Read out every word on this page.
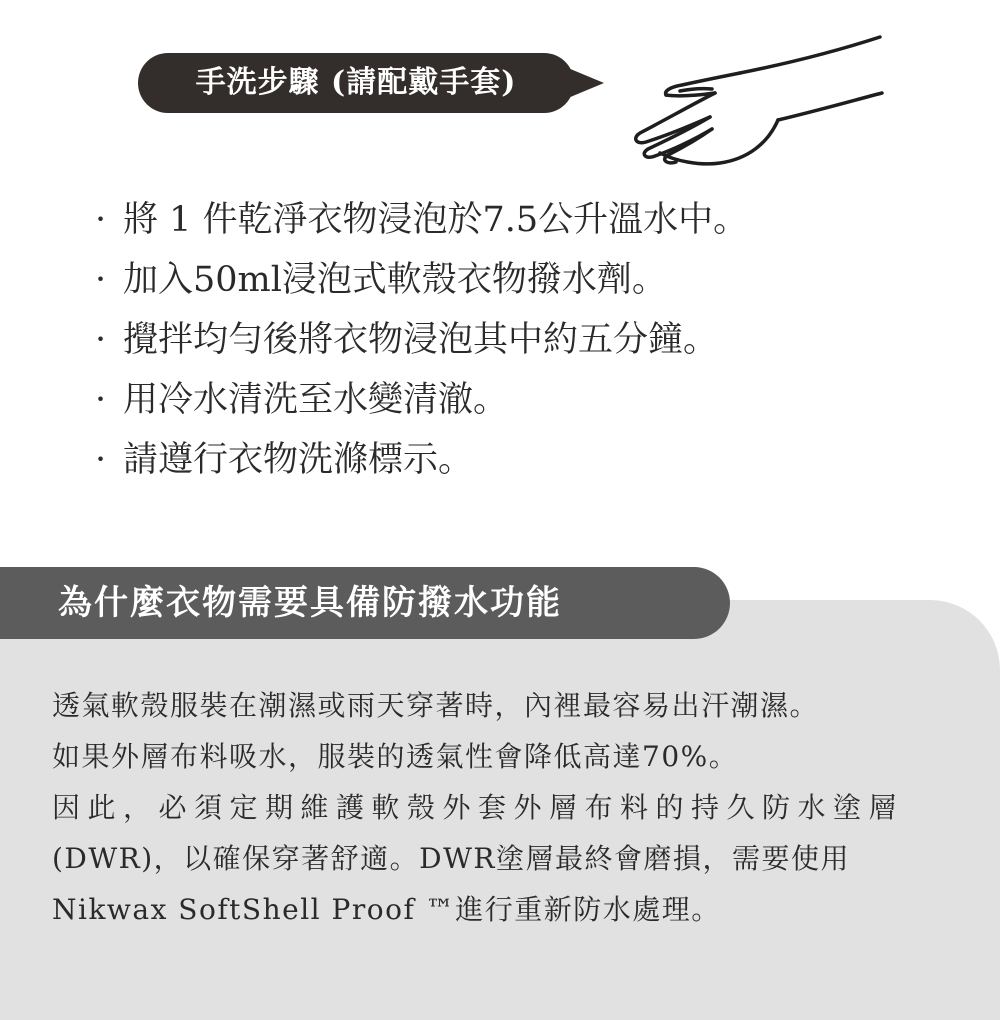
手洗步驟 (請配戴手套)
· 將 1 件乾淨衣物浸泡於7.5公升溫水中。
· 加入50ml浸泡式軟殼衣物撥水劑。
· 攪拌均勻後將衣物浸泡其中約五分鐘。
· 用冷水清洗至水變清澈。
· 請遵行衣物洗滌標示。
為什麼衣物需要具備防撥水功能
透氣軟殼服裝在潮濕或雨天穿著時，內裡最容易出汗潮濕。
如果外層布料吸水，服裝的透氣性會降低高達70%。
因此，必須定期維護軟殼外套外層布料的持久防水塗層
(DWR)，以確保穿著舒適。DWR塗層最終會磨損，需要使用
Nikwax SoftShell Proof ™進行重新防水處理。
